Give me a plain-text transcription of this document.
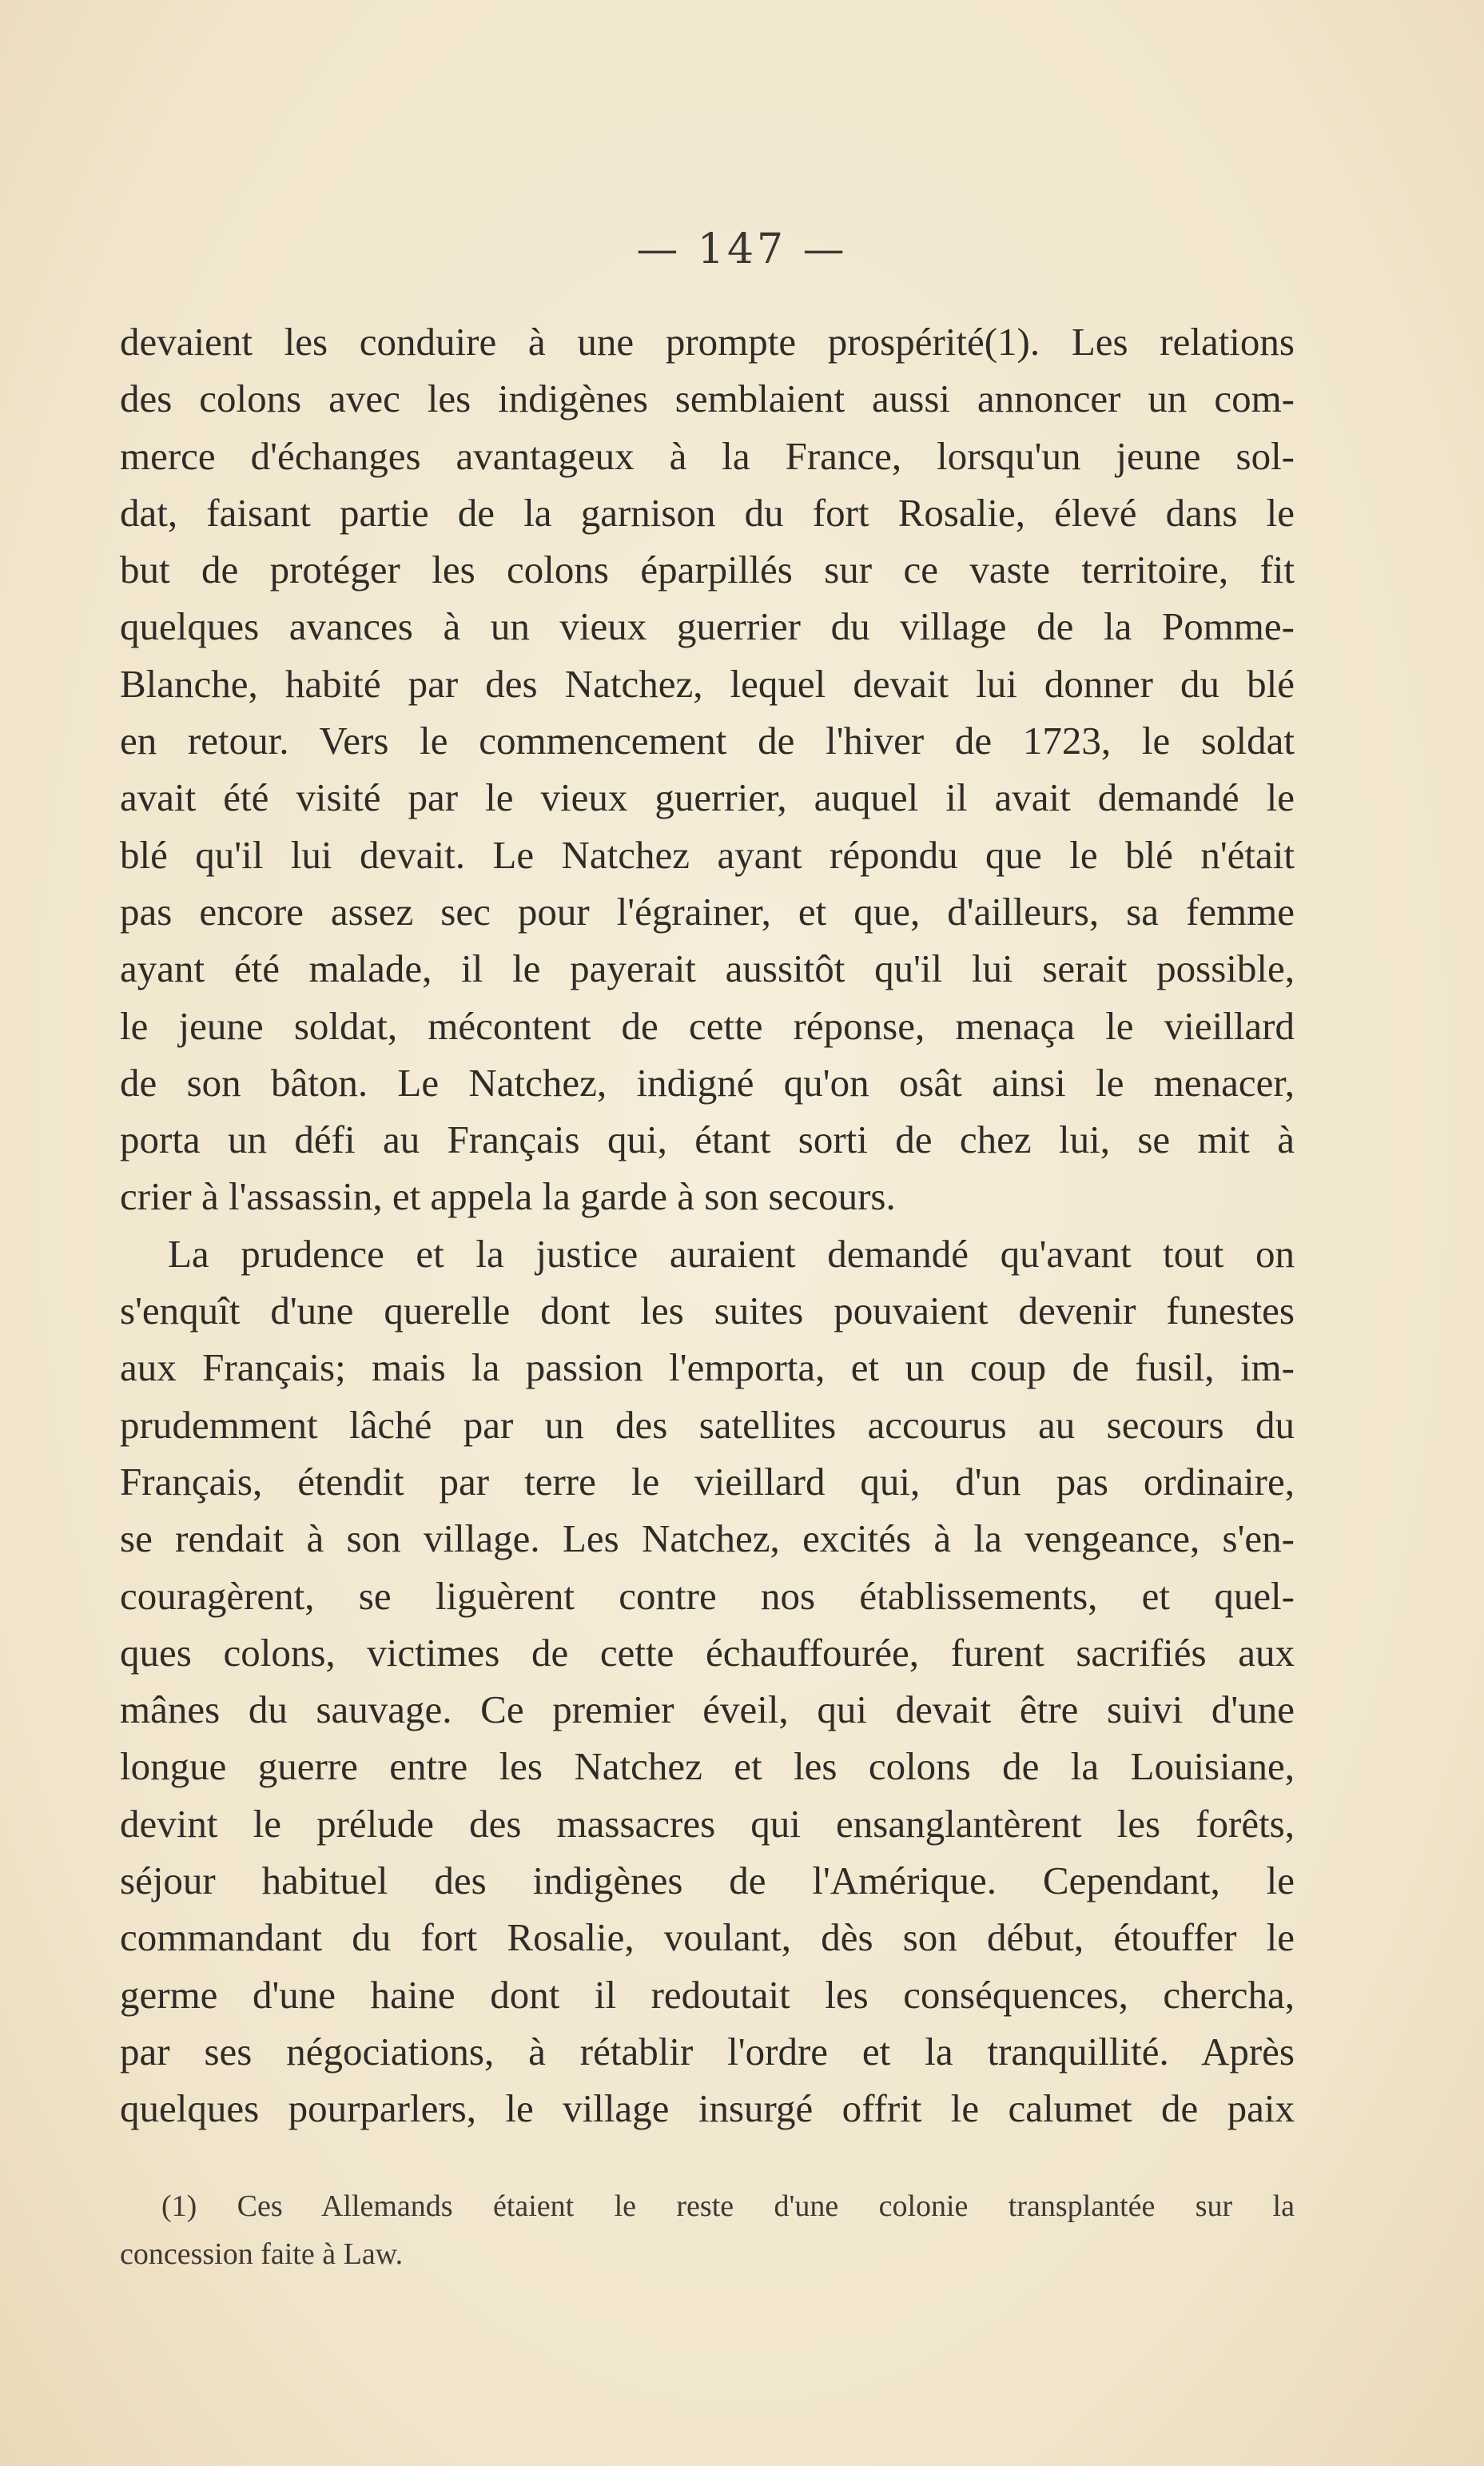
— 147 —
devaient les conduire à une prompte prospérité(1). Les relations
des colons avec les indigènes semblaient aussi annoncer un com-
merce d'échanges avantageux à la France, lorsqu'un jeune sol-
dat, faisant partie de la garnison du fort Rosalie, élevé dans le
but de protéger les colons éparpillés sur ce vaste territoire, fit
quelques avances à un vieux guerrier du village de la Pomme-
Blanche, habité par des Natchez, lequel devait lui donner du blé
en retour. Vers le commencement de l'hiver de 1723, le soldat
avait été visité par le vieux guerrier, auquel il avait demandé le
blé qu'il lui devait. Le Natchez ayant répondu que le blé n'était
pas encore assez sec pour l'égrainer, et que, d'ailleurs, sa femme
ayant été malade, il le payerait aussitôt qu'il lui serait possible,
le jeune soldat, mécontent de cette réponse, menaça le vieillard
de son bâton. Le Natchez, indigné qu'on osât ainsi le menacer,
porta un défi au Français qui, étant sorti de chez lui, se mit à
crier à l'assassin, et appela la garde à son secours.
La prudence et la justice auraient demandé qu'avant tout on
s'enquît d'une querelle dont les suites pouvaient devenir funestes
aux Français; mais la passion l'emporta, et un coup de fusil, im-
prudemment lâché par un des satellites accourus au secours du
Français, étendit par terre le vieillard qui, d'un pas ordinaire,
se rendait à son village. Les Natchez, excités à la vengeance, s'en-
couragèrent, se liguèrent contre nos établissements, et quel-
ques colons, victimes de cette échauffourée, furent sacrifiés aux
mânes du sauvage. Ce premier éveil, qui devait être suivi d'une
longue guerre entre les Natchez et les colons de la Louisiane,
devint le prélude des massacres qui ensanglantèrent les forêts,
séjour habituel des indigènes de l'Amérique. Cependant, le
commandant du fort Rosalie, voulant, dès son début, étouffer le
germe d'une haine dont il redoutait les conséquences, chercha,
par ses négociations, à rétablir l'ordre et la tranquillité. Après
quelques pourparlers, le village insurgé offrit le calumet de paix
(1) Ces Allemands étaient le reste d'une colonie transplantée sur la
concession faite à Law.
